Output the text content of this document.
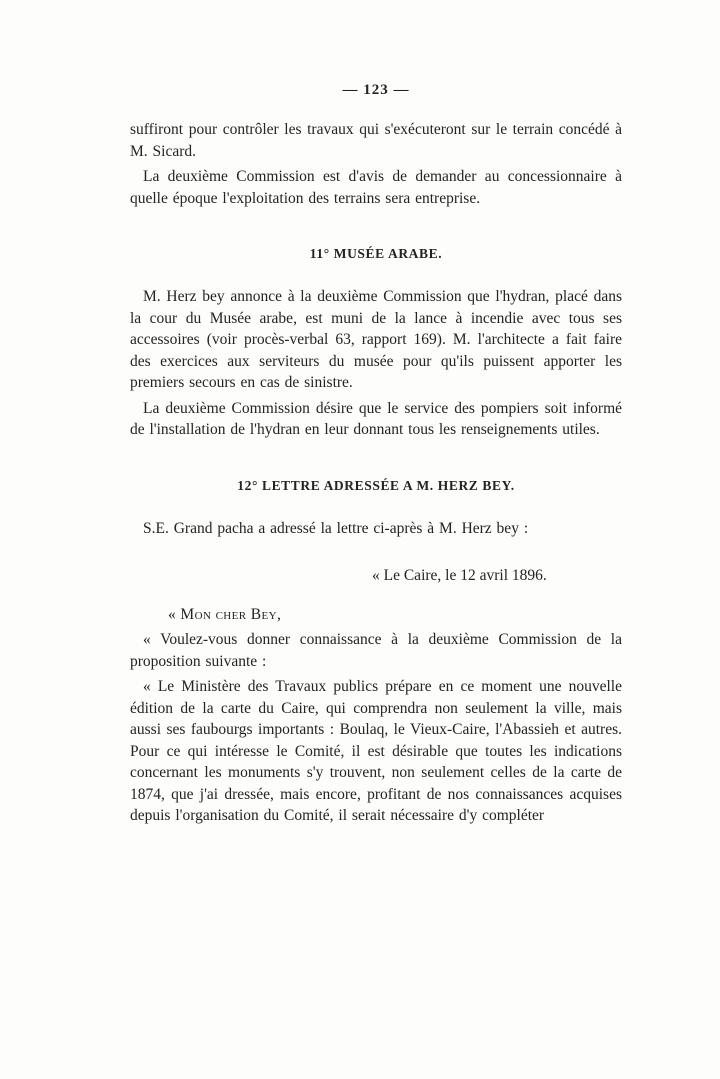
— 123 —

suffiront pour contrôler les travaux qui s'exécuteront sur le terrain concédé à M. Sicard.

La deuxième Commission est d'avis de demander au concessionnaire à quelle époque l'exploitation des terrains sera entreprise.

11° MUSÉE ARABE.

M. Herz bey annonce à la deuxième Commission que l'hydran, placé dans la cour du Musée arabe, est muni de la lance à incendie avec tous ses accessoires (voir procès-verbal 63, rapport 169). M. l'architecte a fait faire des exercices aux serviteurs du musée pour qu'ils puissent apporter les premiers secours en cas de sinistre.

La deuxième Commission désire que le service des pompiers soit informé de l'installation de l'hydran en leur donnant tous les renseignements utiles.

12° LETTRE ADRESSÉE A M. HERZ BEY.

S.E. Grand pacha a adressé la lettre ci-après à M. Herz bey :

« Le Caire, le 12 avril 1896.

« Mon cher Bey,

« Voulez-vous donner connaissance à la deuxième Commission de la proposition suivante :

« Le Ministère des Travaux publics prépare en ce moment une nouvelle édition de la carte du Caire, qui comprendra non seulement la ville, mais aussi ses faubourgs importants : Boulaq, le Vieux-Caire, l'Abassieh et autres. Pour ce qui intéresse le Comité, il est désirable que toutes les indications concernant les monuments s'y trouvent, non seulement celles de la carte de 1874, que j'ai dressée, mais encore, profitant de nos connaissances acquises depuis l'organisation du Comité, il serait nécessaire d'y compléter
